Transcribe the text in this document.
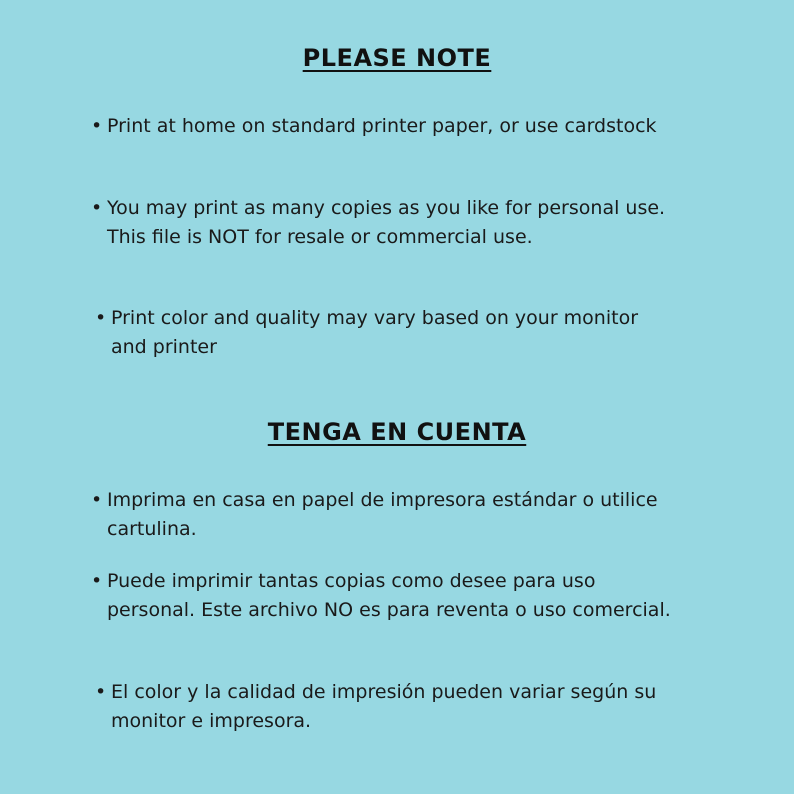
PLEASE NOTE
• Print at home on standard printer paper, or use cardstock
• You may print as many copies as you like for personal use.
This file is NOT for resale or commercial use.
• Print color and quality may vary based on your monitor
and printer
TENGA EN CUENTA
• Imprima en casa en papel de impresora estándar o utilice
cartulina.
• Puede imprimir tantas copias como desee para uso
personal. Este archivo NO es para reventa o uso comercial.
• El color y la calidad de impresión pueden variar según su
monitor e impresora.
